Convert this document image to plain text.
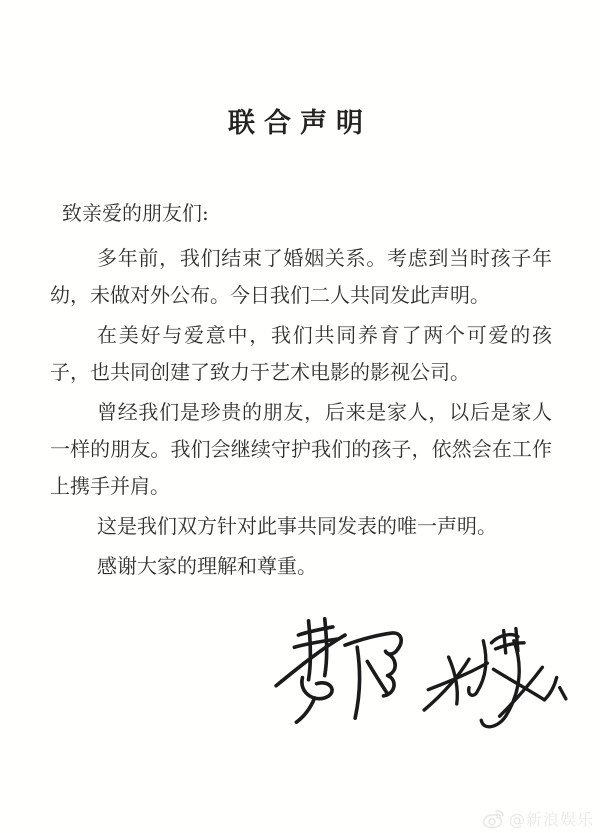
联合声明
致亲爱的朋友们:

多年前，我们结束了婚姻关系。考虑到当时孩子年幼，未做对外公布。今日我们二人共同发此声明。

在美好与爱意中，我们共同养育了两个可爱的孩子，也共同创建了致力于艺术电影的影视公司。

曾经我们是珍贵的朋友，后来是家人，以后是家人一样的朋友。我们会继续守护我们的孩子，依然会在工作上携手并肩。

这是我们双方针对此事共同发表的唯一声明。

感谢大家的理解和尊重。

@新浪娱乐
